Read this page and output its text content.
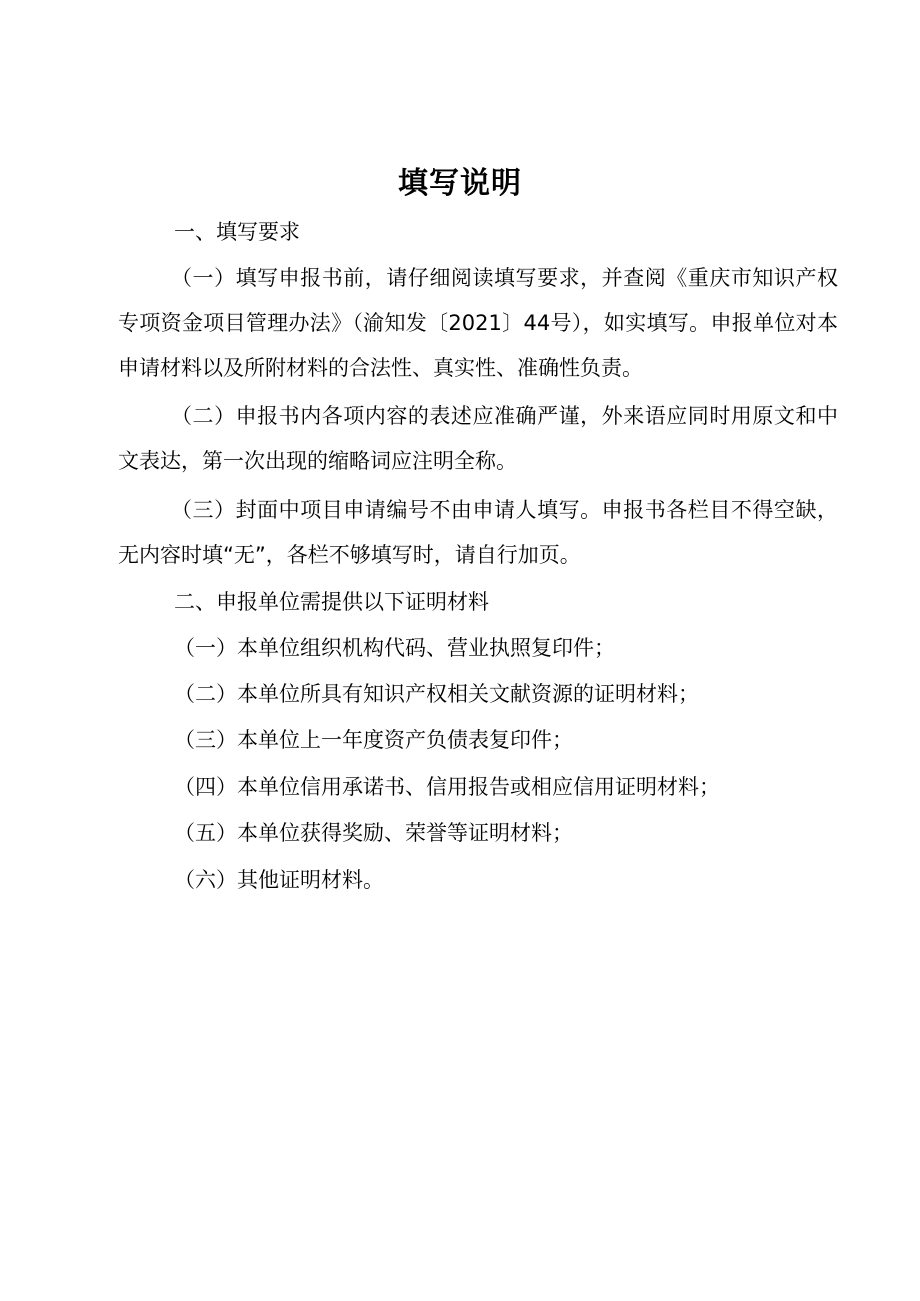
填写说明
一、填写要求
（一）填写申报书前，请仔细阅读填写要求，并查阅《重庆市知识产权专项资金项目管理办法》（渝知发〔2021〕44号），如实填写。申报单位对本申请材料以及所附材料的合法性、真实性、准确性负责。
（二）申报书内各项内容的表述应准确严谨，外来语应同时用原文和中文表达，第一次出现的缩略词应注明全称。
（三）封面中项目申请编号不由申请人填写。申报书各栏目不得空缺，无内容时填“无”，各栏不够填写时，请自行加页。
二、申报单位需提供以下证明材料
（一）本单位组织机构代码、营业执照复印件；
（二）本单位所具有知识产权相关文献资源的证明材料；
（三）本单位上一年度资产负债表复印件；
（四）本单位信用承诺书、信用报告或相应信用证明材料；
（五）本单位获得奖励、荣誉等证明材料；
（六）其他证明材料。
